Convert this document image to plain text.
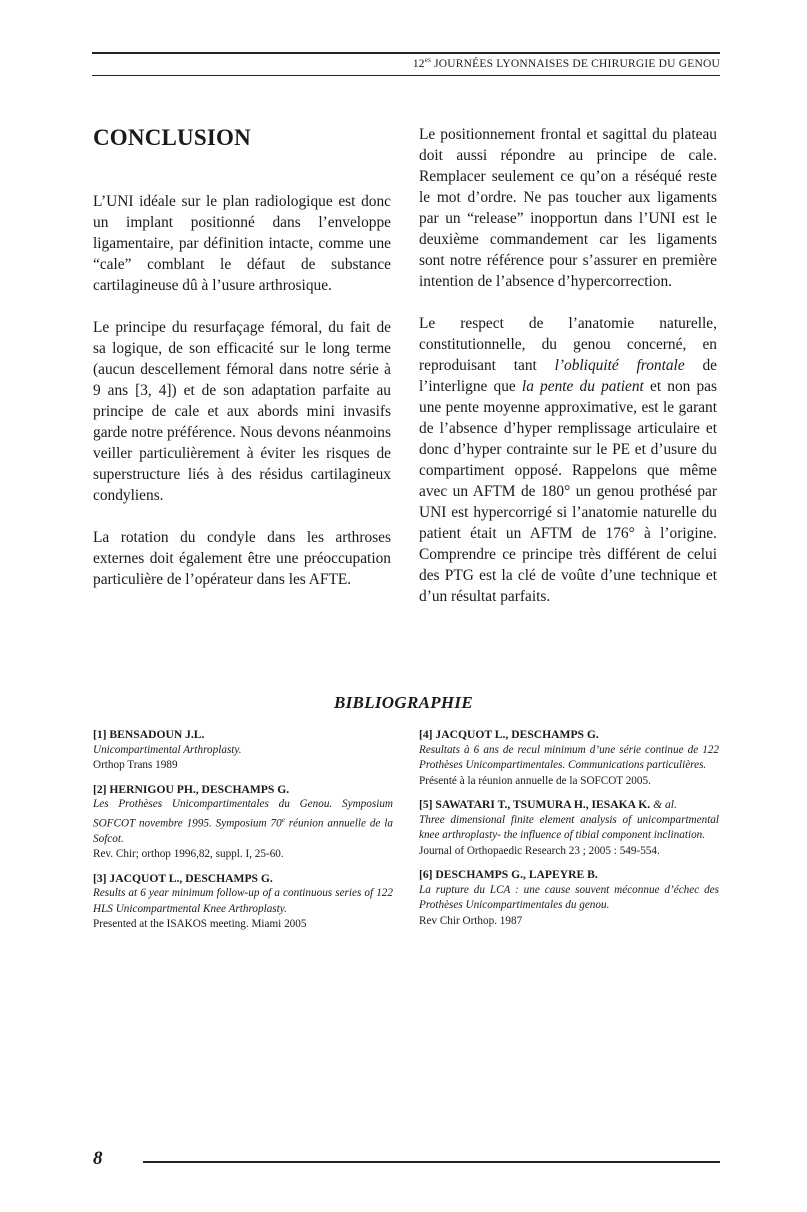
$12^{es}$ JOURNÉES LYONNAISES DE CHIRURGIE DU GENOU
CONCLUSION

L’UNI idéale sur le plan radiologique est donc un implant positionné dans l’enveloppe ligamentaire, par définition intacte, comme une “cale” comblant le défaut de substance cartilagineuse dû à l’usure arthrosique.

Le principe du resurfaçage fémoral, du fait de sa logique, de son efficacité sur le long terme (aucun descellement fémoral dans notre série à 9 ans [3, 4]) et de son adaptation parfaite au principe de cale et aux abords mini invasifs garde notre préférence. Nous devons néanmoins veiller particulièrement à éviter les risques de superstructure liés à des résidus cartilagineux condyliens.

La rotation du condyle dans les arthroses externes doit également être une préoccupation particulière de l’opérateur dans les AFTE.

Le positionnement frontal et sagittal du plateau doit aussi répondre au principe de cale. Remplacer seulement ce qu’on a réséqué reste le mot d’ordre. Ne pas toucher aux ligaments par un “release” inopportun dans l’UNI est le deuxième commandement car les ligaments sont notre référence pour s’assurer en première intention de l’absence d’hypercorrection.

Le respect de l’anatomie naturelle, constitutionnelle, du genou concerné, en reproduisant tant l’obliquité frontale de l’interligne que la pente du patient et non pas une pente moyenne approximative, est le garant de l’absence d’hyper remplissage articulaire et donc d’hyper contrainte sur le PE et d’usure du compartiment opposé. Rappelons que même avec un AFTM de 180° un genou prothésé par UNI est hypercorrigé si l’anatomie naturelle du patient était un AFTM de 176° à l’origine. Comprendre ce principe très différent de celui des PTG est la clé de voûte d’une technique et d’un résultat parfaits.

BIBLIOGRAPHIE
[1] BENSADOUN J.L.
Unicompartimental Arthroplasty.
Orthop Trans 1989
[2] HERNIGOU PH., DESCHAMPS G.
Les Prothèses Unicompartimentales du Genou. Symposium SOFCOT novembre 1995. Symposium 70e réunion annuelle de la Sofcot.
Rev. Chir; orthop 1996,82, suppl. I, 25-60.
[3] JACQUOT L., DESCHAMPS G.
Results at 6 year minimum follow-up of a continuous series of 122 HLS Unicompartmental Knee Arthroplasty.
Presented at the ISAKOS meeting. Miami 2005
[4] JACQUOT L., DESCHAMPS G.
Resultats à 6 ans de recul minimum d’une série continue de 122 Prothèses Unicompartimentales. Communications particulières.
Présenté à la réunion annuelle de la SOFCOT 2005.
[5] SAWATARI T., TSUMURA H., IESAKA K. & al.
Three dimensional finite element analysis of unicompartmental knee arthroplasty- the influence of tibial component inclination.
Journal of Orthopaedic Research 23 ; 2005 : 549-554.
[6] DESCHAMPS G., LAPEYRE B.
La rupture du LCA : une cause souvent méconnue d’échec des Prothèses Unicompartimentales du genou.
Rev Chir Orthop. 1987
8
